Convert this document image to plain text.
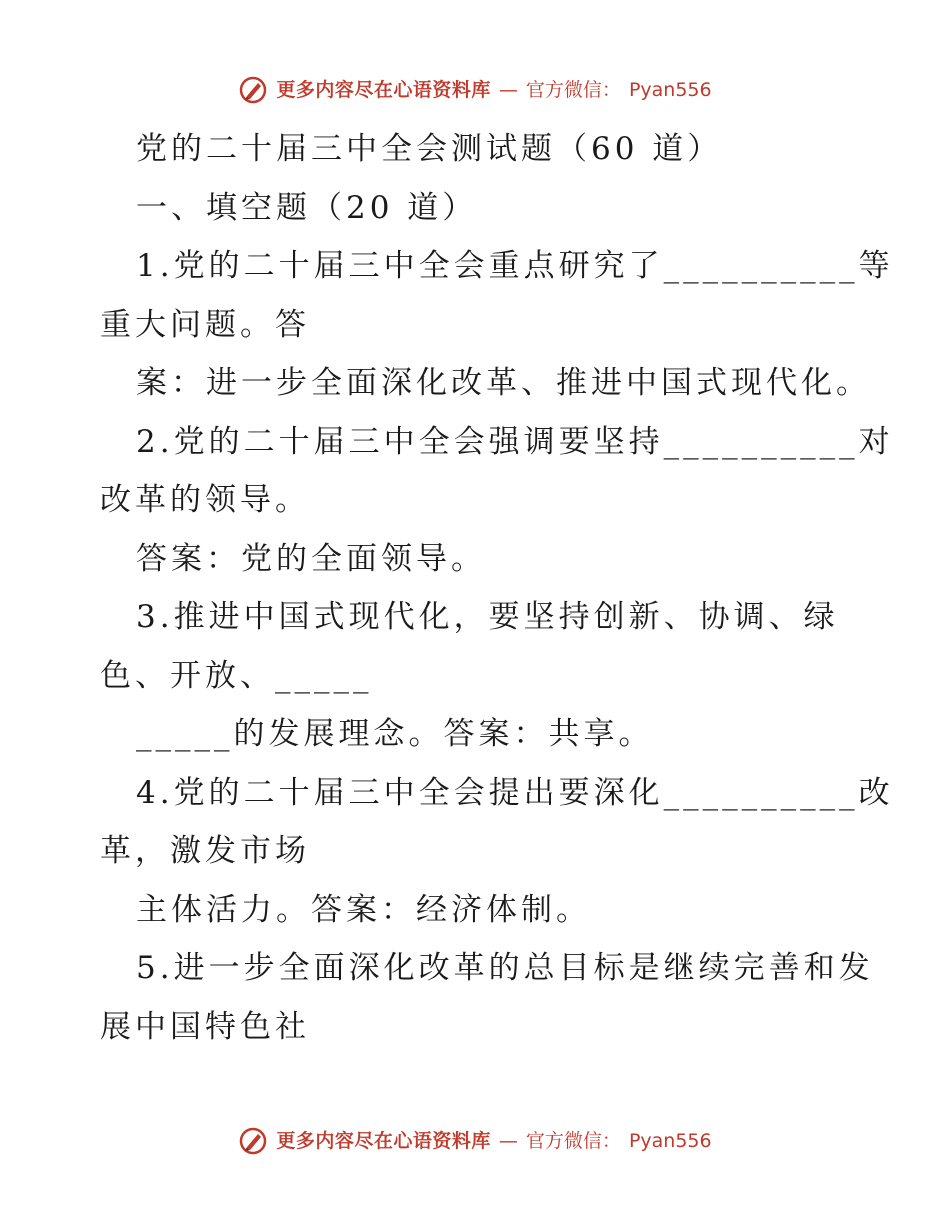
更多内容尽在心语资料库 — 官方微信： Pyan556
党的二十届三中全会测试题（60 道）
一、填空题（20 道）
1.党的二十届三中全会重点研究了__________等
重大问题。答
案：进一步全面深化改革、推进中国式现代化。
2.党的二十届三中全会强调要坚持__________对
改革的领导。
答案：党的全面领导。
3.推进中国式现代化，要坚持创新、协调、绿
色、开放、_____
_____的发展理念。答案：共享。
4.党的二十届三中全会提出要深化__________改
革，激发市场
主体活力。答案：经济体制。
5.进一步全面深化改革的总目标是继续完善和发
展中国特色社
更多内容尽在心语资料库 — 官方微信： Pyan556
